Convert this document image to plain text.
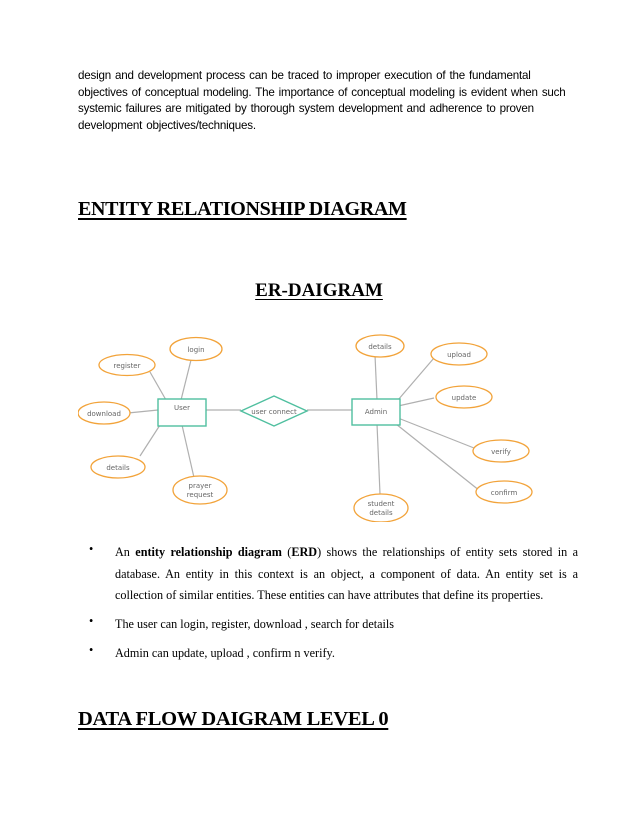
design and development process can be traced to improper execution of the fundamental objectives of conceptual modeling. The importance of conceptual modeling is evident when such systemic failures are mitigated by thorough system development and adherence to proven development objectives/techniques.

ENTITY RELATIONSHIP DIAGRAM
ER-DAIGRAM
register
login
download
details
prayer
request
User	user connect	Admin
details
upload
update
verify
confirm
student
details
• An entity relationship diagram (ERD) shows the relationships of entity sets stored in a database. An entity in this context is an object, a component of data. An entity set is a collection of similar entities. These entities can have attributes that define its properties.

• The user can login, register, download , search for details

• Admin can update, upload , confirm n verify.

DATA FLOW DAIGRAM LEVEL 0
